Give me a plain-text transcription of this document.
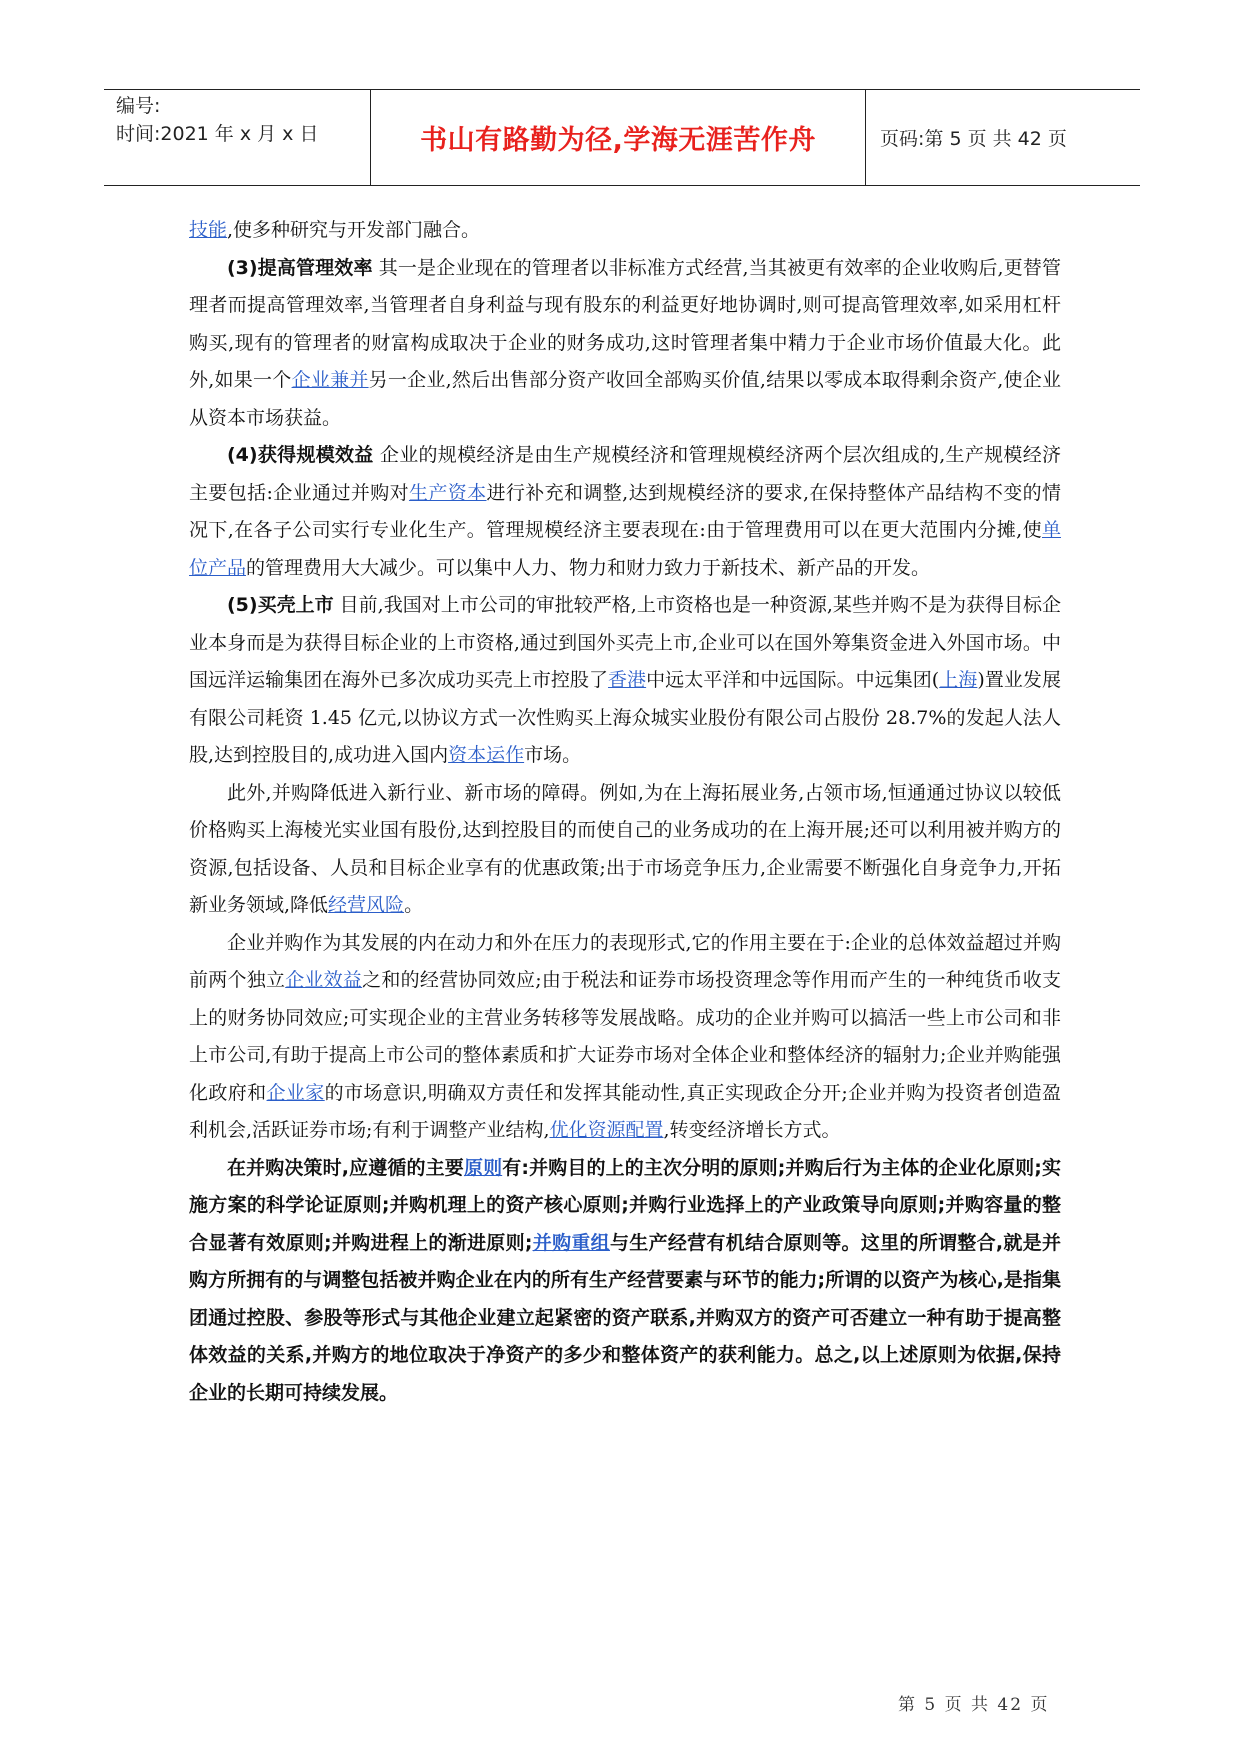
编号:
时间:2021 年 x 月 x 日	书山有路勤为径,学海无涯苦作舟	页码:第 5 页 共 42 页

技能,使多种研究与开发部门融合。

(3)提高管理效率 其一是企业现在的管理者以非标准方式经营,当其被更有效率的企业收购后,更替管理者而提高管理效率,当管理者自身利益与现有股东的利益更好地协调时,则可提高管理效率,如采用杠杆购买,现有的管理者的财富构成取决于企业的财务成功,这时管理者集中精力于企业市场价值最大化。此外,如果一个企业兼并另一企业,然后出售部分资产收回全部购买价值,结果以零成本取得剩余资产,使企业从资本市场获益。

(4)获得规模效益 企业的规模经济是由生产规模经济和管理规模经济两个层次组成的,生产规模经济主要包括:企业通过并购对生产资本进行补充和调整,达到规模经济的要求,在保持整体产品结构不变的情况下,在各子公司实行专业化生产。管理规模经济主要表现在:由于管理费用可以在更大范围内分摊,使单位产品的管理费用大大减少。可以集中人力、物力和财力致力于新技术、新产品的开发。

(5)买壳上市 目前,我国对上市公司的审批较严格,上市资格也是一种资源,某些并购不是为获得目标企业本身而是为获得目标企业的上市资格,通过到国外买壳上市,企业可以在国外筹集资金进入外国市场。中国远洋运输集团在海外已多次成功买壳上市控股了香港中远太平洋和中远国际。中远集团(上海)置业发展有限公司耗资 1.45 亿元,以协议方式一次性购买上海众城实业股份有限公司占股份 28.7%的发起人法人股,达到控股目的,成功进入国内资本运作市场。

此外,并购降低进入新行业、新市场的障碍。例如,为在上海拓展业务,占领市场,恒通通过协议以较低价格购买上海棱光实业国有股份,达到控股目的而使自己的业务成功的在上海开展;还可以利用被并购方的资源,包括设备、人员和目标企业享有的优惠政策;出于市场竞争压力,企业需要不断强化自身竞争力,开拓新业务领域,降低经营风险。

企业并购作为其发展的内在动力和外在压力的表现形式,它的作用主要在于:企业的总体效益超过并购前两个独立企业效益之和的经营协同效应;由于税法和证券市场投资理念等作用而产生的一种纯货币收支上的财务协同效应;可实现企业的主营业务转移等发展战略。成功的企业并购可以搞活一些上市公司和非上市公司,有助于提高上市公司的整体素质和扩大证券市场对全体企业和整体经济的辐射力;企业并购能强化政府和企业家的市场意识,明确双方责任和发挥其能动性,真正实现政企分开;企业并购为投资者创造盈利机会,活跃证券市场;有利于调整产业结构,优化资源配置,转变经济增长方式。

在并购决策时,应遵循的主要原则有:并购目的上的主次分明的原则;并购后行为主体的企业化原则;实施方案的科学论证原则;并购机理上的资产核心原则;并购行业选择上的产业政策导向原则;并购容量的整合显著有效原则;并购进程上的渐进原则;并购重组与生产经营有机结合原则等。这里的所谓整合,就是并购方所拥有的与调整包括被并购企业在内的所有生产经营要素与环节的能力;所谓的以资产为核心,是指集团通过控股、参股等形式与其他企业建立起紧密的资产联系,并购双方的资产可否建立一种有助于提高整体效益的关系,并购方的地位取决于净资产的多少和整体资产的获利能力。总之,以上述原则为依据,保持企业的长期可持续发展。

第 5 页 共 42 页
